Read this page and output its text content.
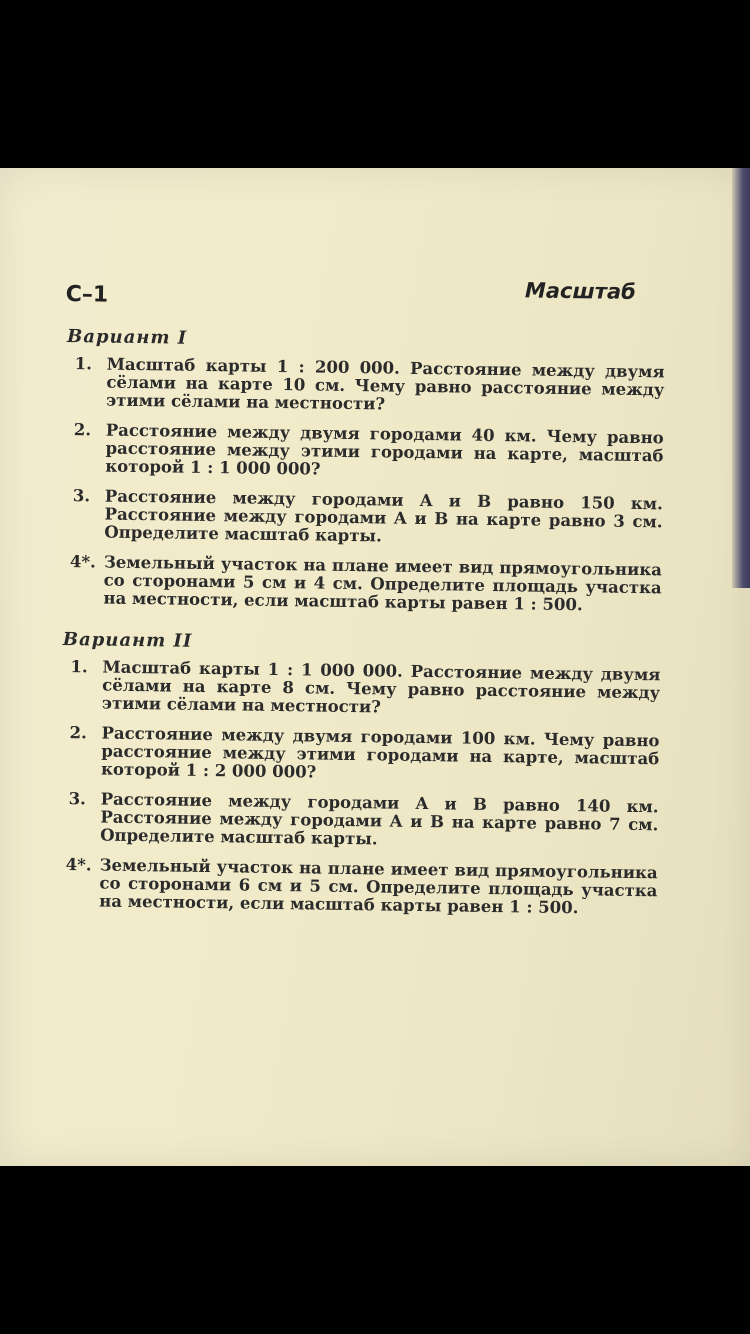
С–1	Масштаб
Вариант I
1. Масштаб карты 1 : 200 000. Расстояние между двумя сёлами на карте 10 см. Чему равно расстояние между этими сёлами на местности?
2. Расстояние между двумя городами 40 км. Чему равно расстояние между этими городами на карте, масштаб которой 1 : 1 000 000?
3. Расстояние между городами A и B равно 150 км. Расстояние между городами A и B на карте равно 3 см. Определите масштаб карты.
4*. Земельный участок на плане имеет вид прямоугольника со сторонами 5 см и 4 см. Определите площадь участка на местности, если масштаб карты равен 1 : 500.
Вариант II
1. Масштаб карты 1 : 1 000 000. Расстояние между двумя сёлами на карте 8 см. Чему равно расстояние между этими сёлами на местности?
2. Расстояние между двумя городами 100 км. Чему равно расстояние между этими городами на карте, масштаб которой 1 : 2 000 000?
3. Расстояние между городами A и B равно 140 км. Расстояние между городами A и B на карте равно 7 см. Определите масштаб карты.
4*. Земельный участок на плане имеет вид прямоугольника со сторонами 6 см и 5 см. Определите площадь участка на местности, если масштаб карты равен 1 : 500.
